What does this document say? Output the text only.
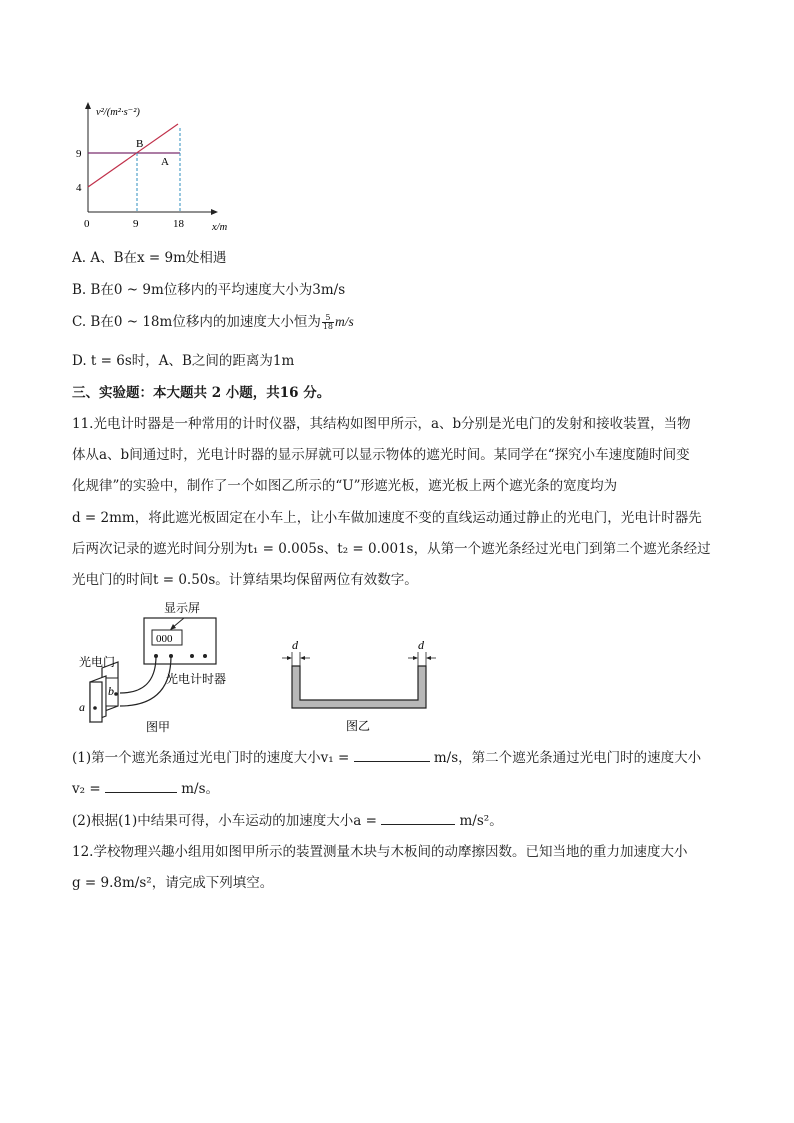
v²/(m²·s⁻²)
x/m
9
4
0	9	18
B
A
A. A、B在x = 9m处相遇
B. B在0 ~ 9m位移内的平均速度大小为3m/s
C. B在0 ~ 18m位移内的加速度大小恒为 $\frac{5}{18} m/s$
D. t = 6s时，A、B之间的距离为1m
三、实验题：本大题共 2 小题，共16 分。
11.光电计时器是一种常用的计时仪器，其结构如图甲所示，a、b分别是光电门的发射和接收装置，当物
体从a、b间通过时，光电计时器的显示屏就可以显示物体的遮光时间。某同学在“探究小车速度随时间变
化规律”的实验中，制作了一个如图乙所示的“U”形遮光板，遮光板上两个遮光条的宽度均为
d = 2mm，将此遮光板固定在小车上，让小车做加速度不变的直线运动通过静止的光电门，光电计时器先
后两次记录的遮光时间分别为t₁ = 0.005s、t₂ = 0.001s，从第一个遮光条经过光电门到第二个遮光条经过
光电门的时间t = 0.50s。计算结果均保留两位有效数字。
000
显示屏
b
a
光电门
光电计时器
图甲
d	d
图乙
(1)第一个遮光条通过光电门时的速度大小v₁ =	m/s，第二个遮光条通过光电门时的速度大小
v₂ =	m/s。
(2)根据(1)中结果可得，小车运动的加速度大小a =	m/s²。
12.学校物理兴趣小组用如图甲所示的装置测量木块与木板间的动摩擦因数。已知当地的重力加速度大小
g = 9.8m/s²，请完成下列填空。
